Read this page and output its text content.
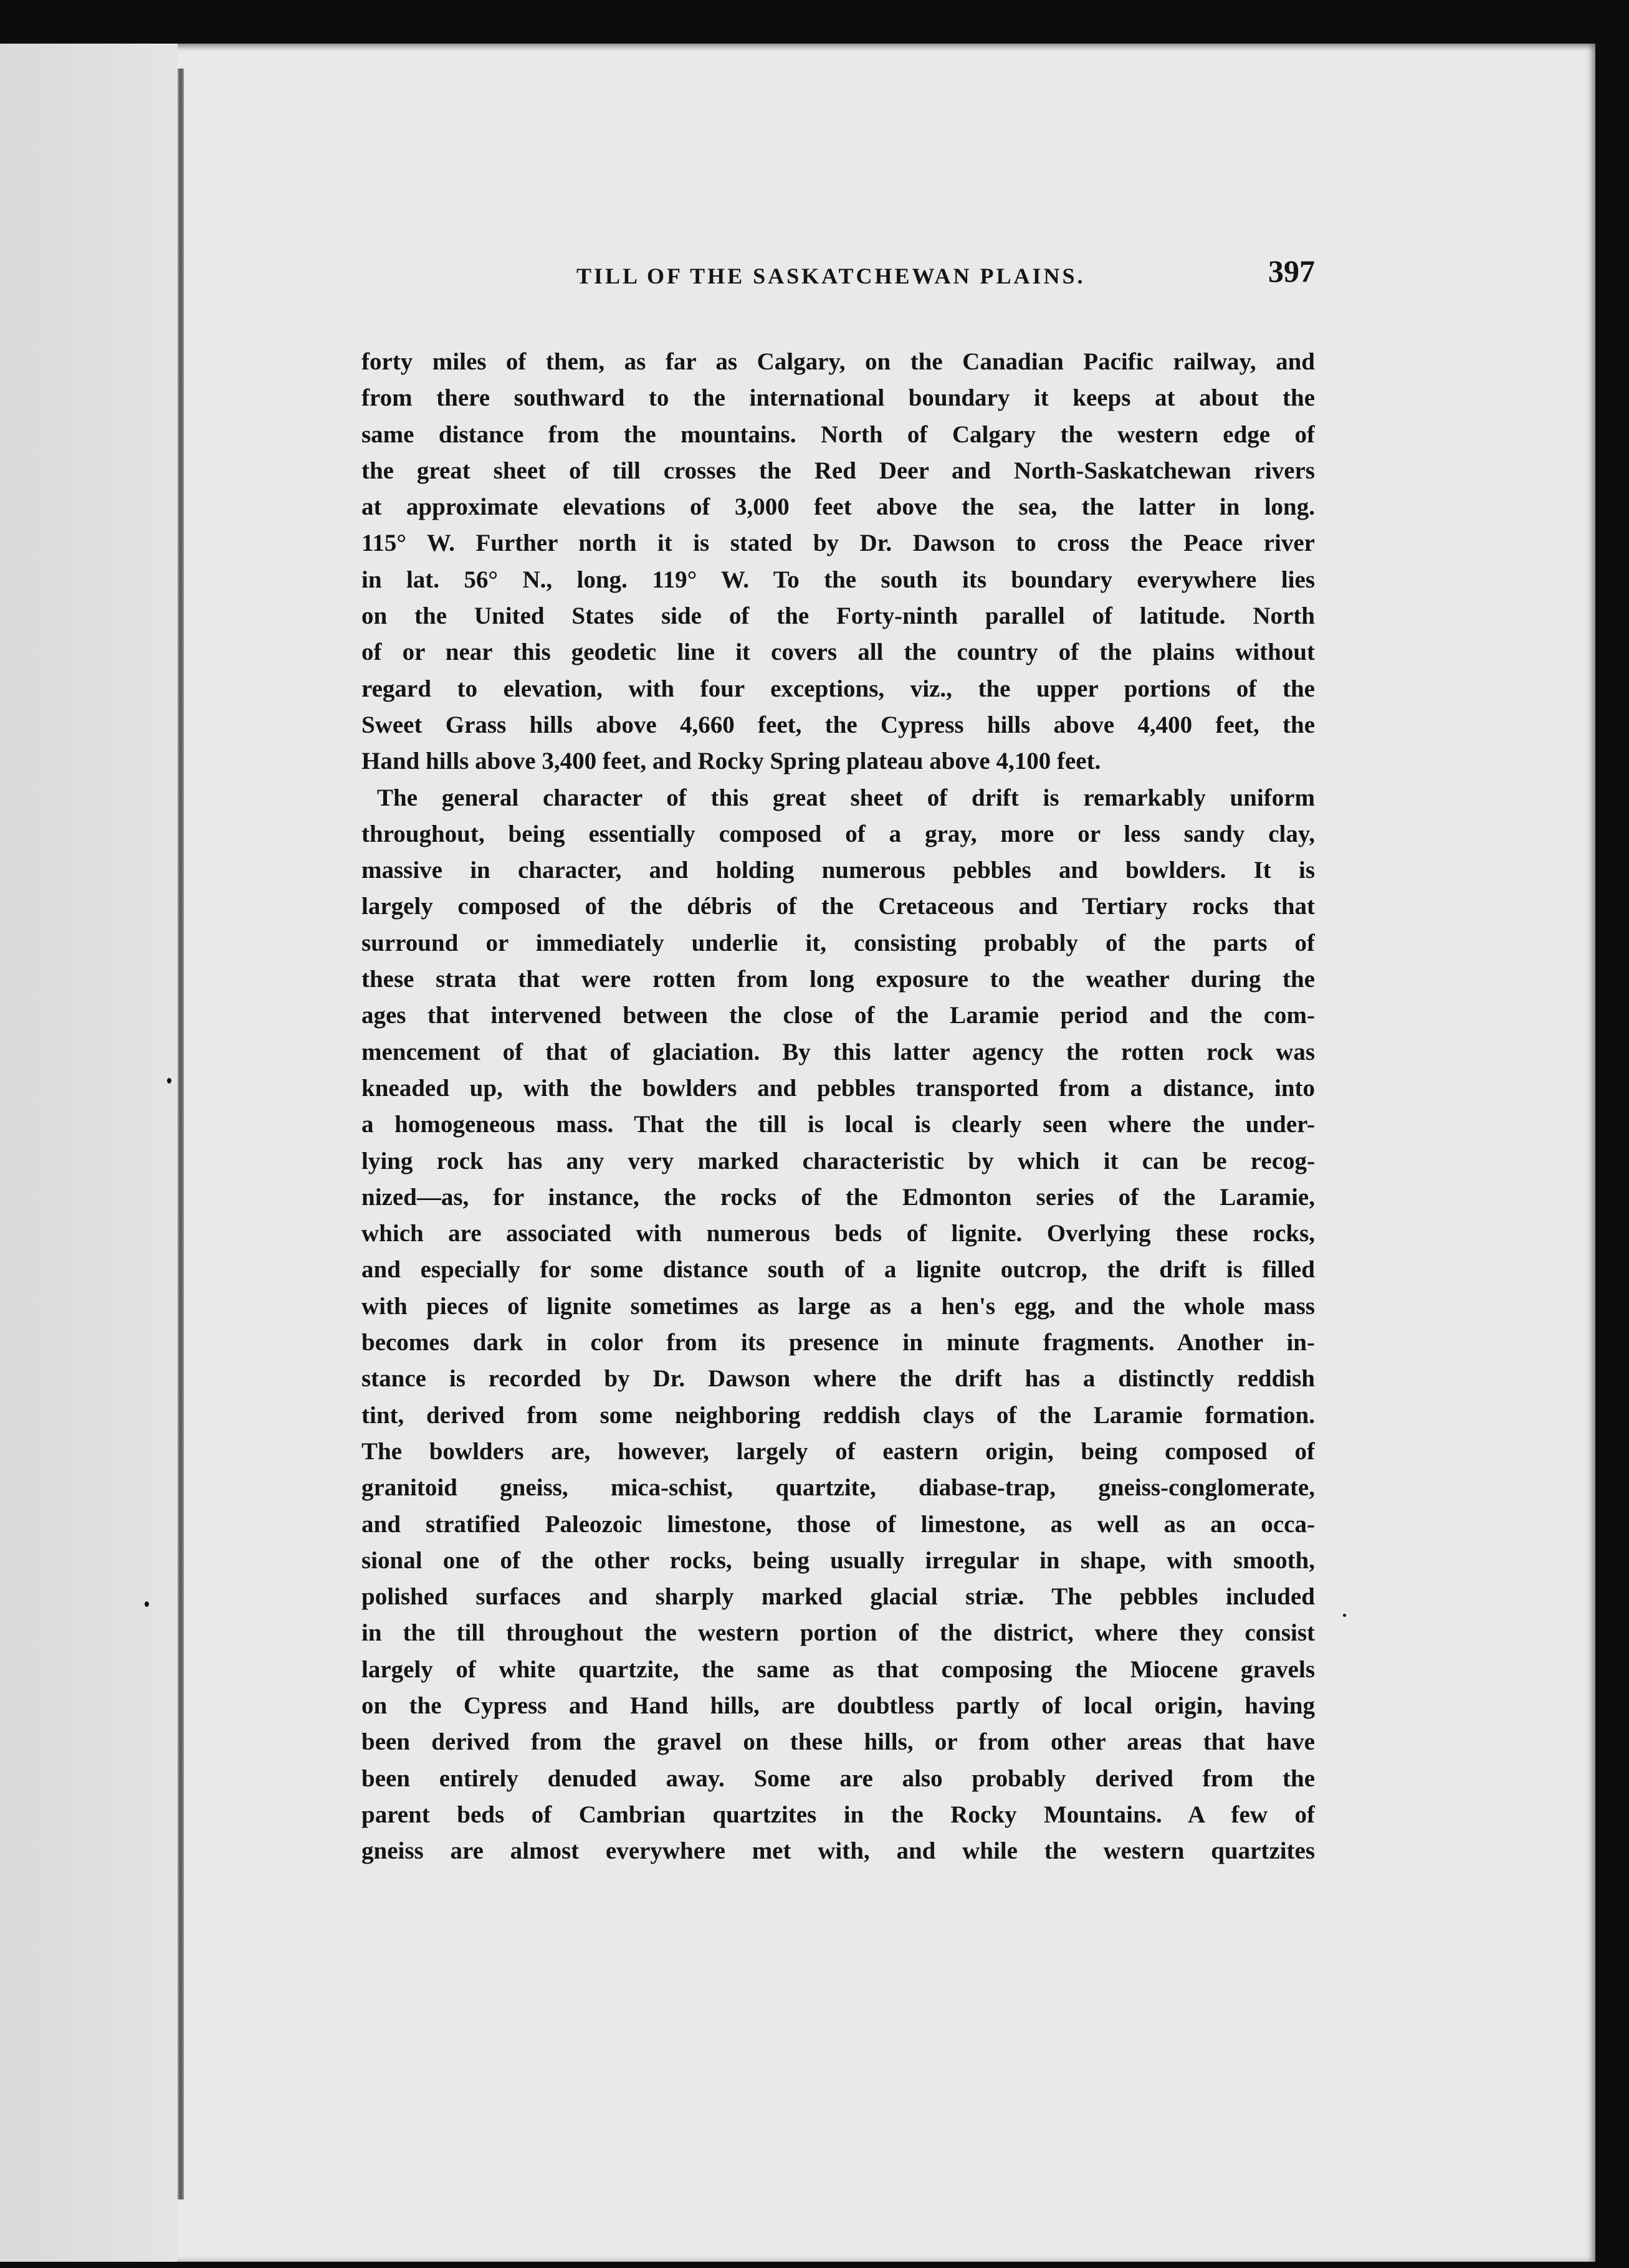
TILL OF THE SASKATCHEWAN PLAINS.	397
forty miles of them, as far as Calgary, on the Canadian Pacific railway, and
from there southward to the international boundary it keeps at about the
same distance from the mountains. North of Calgary the western edge of
the great sheet of till crosses the Red Deer and North-Saskatchewan rivers
at approximate elevations of 3,000 feet above the sea, the latter in long.
115° W. Further north it is stated by Dr. Dawson to cross the Peace river
in lat. 56° N., long. 119° W. To the south its boundary everywhere lies
on the United States side of the Forty-ninth parallel of latitude. North
of or near this geodetic line it covers all the country of the plains without
regard to elevation, with four exceptions, viz., the upper portions of the
Sweet Grass hills above 4,660 feet, the Cypress hills above 4,400 feet, the
Hand hills above 3,400 feet, and Rocky Spring plateau above 4,100 feet.
The general character of this great sheet of drift is remarkably uniform
throughout, being essentially composed of a gray, more or less sandy clay,
massive in character, and holding numerous pebbles and bowlders. It is
largely composed of the débris of the Cretaceous and Tertiary rocks that
surround or immediately underlie it, consisting probably of the parts of
these strata that were rotten from long exposure to the weather during the
ages that intervened between the close of the Laramie period and the com-
mencement of that of glaciation. By this latter agency the rotten rock was
kneaded up, with the bowlders and pebbles transported from a distance, into
a homogeneous mass. That the till is local is clearly seen where the under-
lying rock has any very marked characteristic by which it can be recog-
nized—as, for instance, the rocks of the Edmonton series of the Laramie,
which are associated with numerous beds of lignite. Overlying these rocks,
and especially for some distance south of a lignite outcrop, the drift is filled
with pieces of lignite sometimes as large as a hen's egg, and the whole mass
becomes dark in color from its presence in minute fragments. Another in-
stance is recorded by Dr. Dawson where the drift has a distinctly reddish
tint, derived from some neighboring reddish clays of the Laramie formation.
The bowlders are, however, largely of eastern origin, being composed of
granitoid gneiss, mica-schist, quartzite, diabase-trap, gneiss-conglomerate,
and stratified Paleozoic limestone, those of limestone, as well as an occa-
sional one of the other rocks, being usually irregular in shape, with smooth,
polished surfaces and sharply marked glacial striæ. The pebbles included
in the till throughout the western portion of the district, where they consist
largely of white quartzite, the same as that composing the Miocene gravels
on the Cypress and Hand hills, are doubtless partly of local origin, having
been derived from the gravel on these hills, or from other areas that have
been entirely denuded away. Some are also probably derived from the
parent beds of Cambrian quartzites in the Rocky Mountains. A few of
gneiss are almost everywhere met with, and while the western quartzites
